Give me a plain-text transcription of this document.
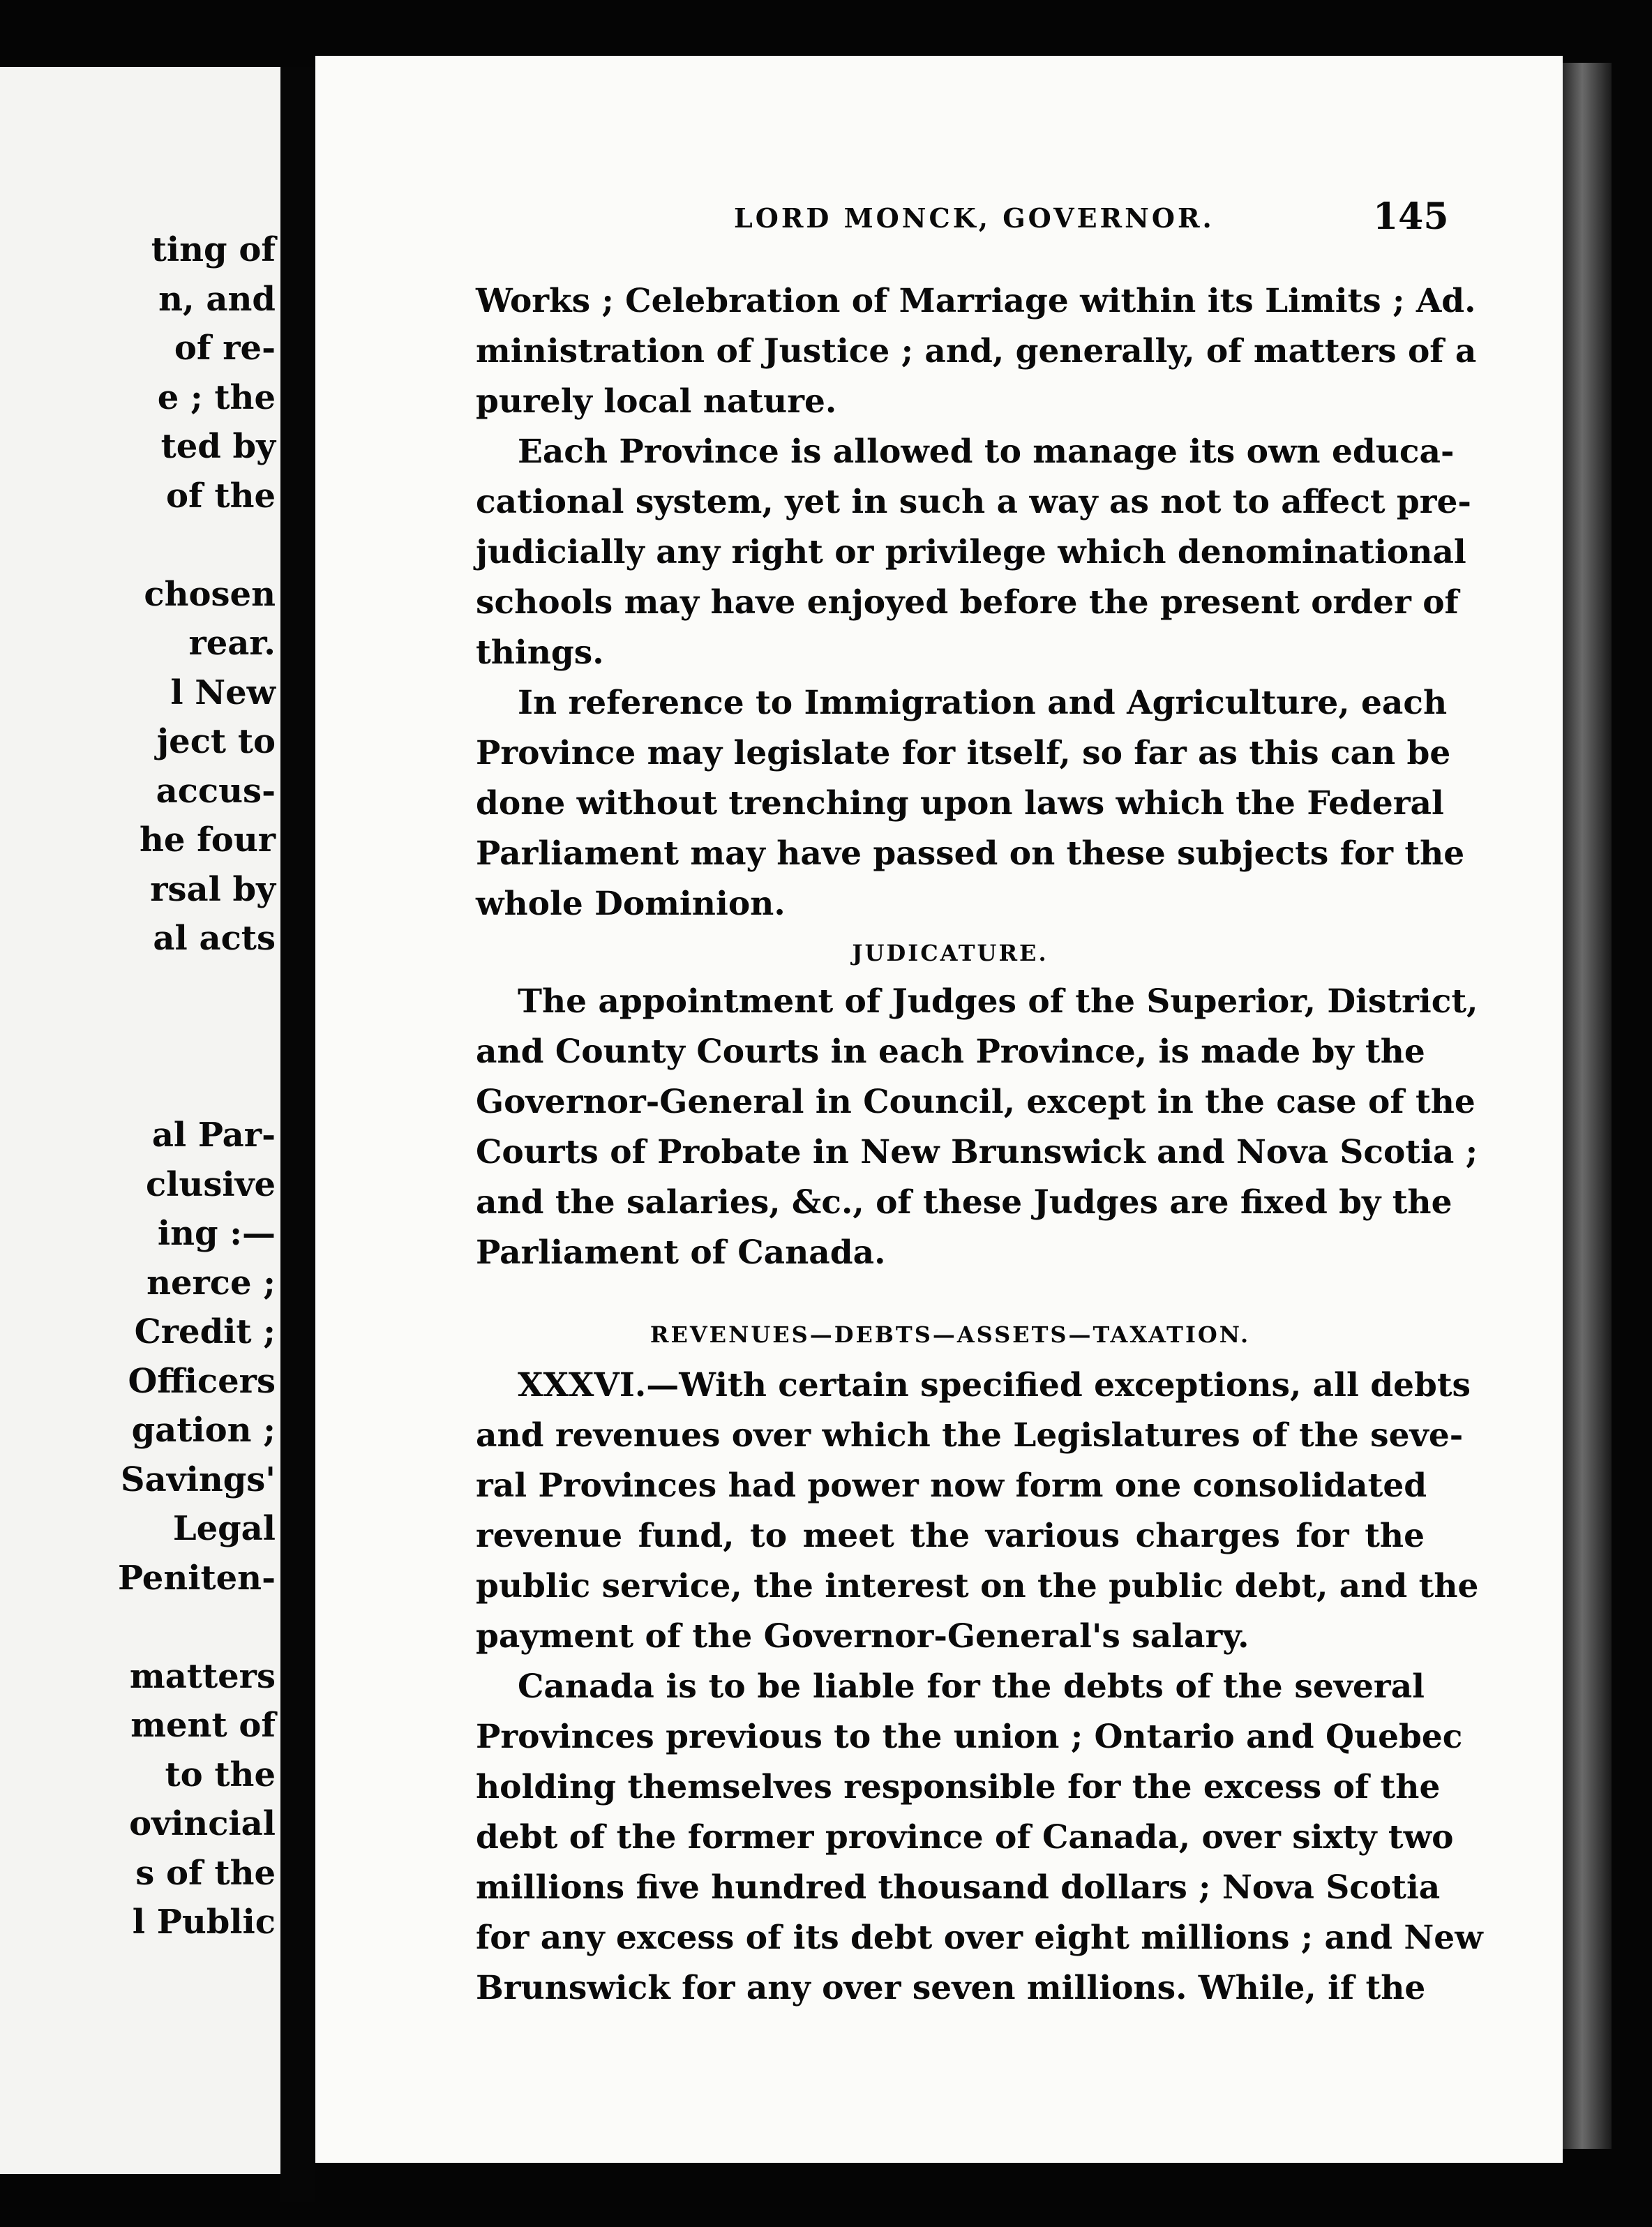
ting of
n, and
of re-
e ; the
ted by
of the
chosen
rear.
l New
ject to
accus-
he four
rsal by
al acts
al Par-
clusive
ing :—
nerce ;
Credit ;
Officers
gation ;
Savings'
Legal
Peniten-
matters
ment of
to the
ovincial
s of the
l Public
LORD MONCK, GOVERNOR.	145
Works ; Celebration of Marriage within its Limits ; Ad.
ministration of Justice ; and, generally, of matters of a
purely local nature.
Each Province is allowed to manage its own educa-
cational system, yet in such a way as not to affect pre-
judicially any right or privilege which denominational
schools may have enjoyed before the present order of
things.
In reference to Immigration and Agriculture, each
Province may legislate for itself, so far as this can be
done without trenching upon laws which the Federal
Parliament may have passed on these subjects for the
whole Dominion.
JUDICATURE.
The appointment of Judges of the Superior, District,
and County Courts in each Province, is made by the
Governor-General in Council, except in the case of the
Courts of Probate in New Brunswick and Nova Scotia ;
and the salaries, &c., of these Judges are fixed by the
Parliament of Canada.
REVENUES—DEBTS—ASSETS—TAXATION.
XXXVI.—With certain specified exceptions, all debts
and revenues over which the Legislatures of the seve-
ral Provinces had power now form one consolidated
revenue fund, to meet the various charges for the
public service, the interest on the public debt, and the
payment of the Governor-General's salary.
Canada is to be liable for the debts of the several
Provinces previous to the union ; Ontario and Quebec
holding themselves responsible for the excess of the
debt of the former province of Canada, over sixty two
millions five hundred thousand dollars ; Nova Scotia
for any excess of its debt over eight millions ; and New
Brunswick for any over seven millions. While, if the
